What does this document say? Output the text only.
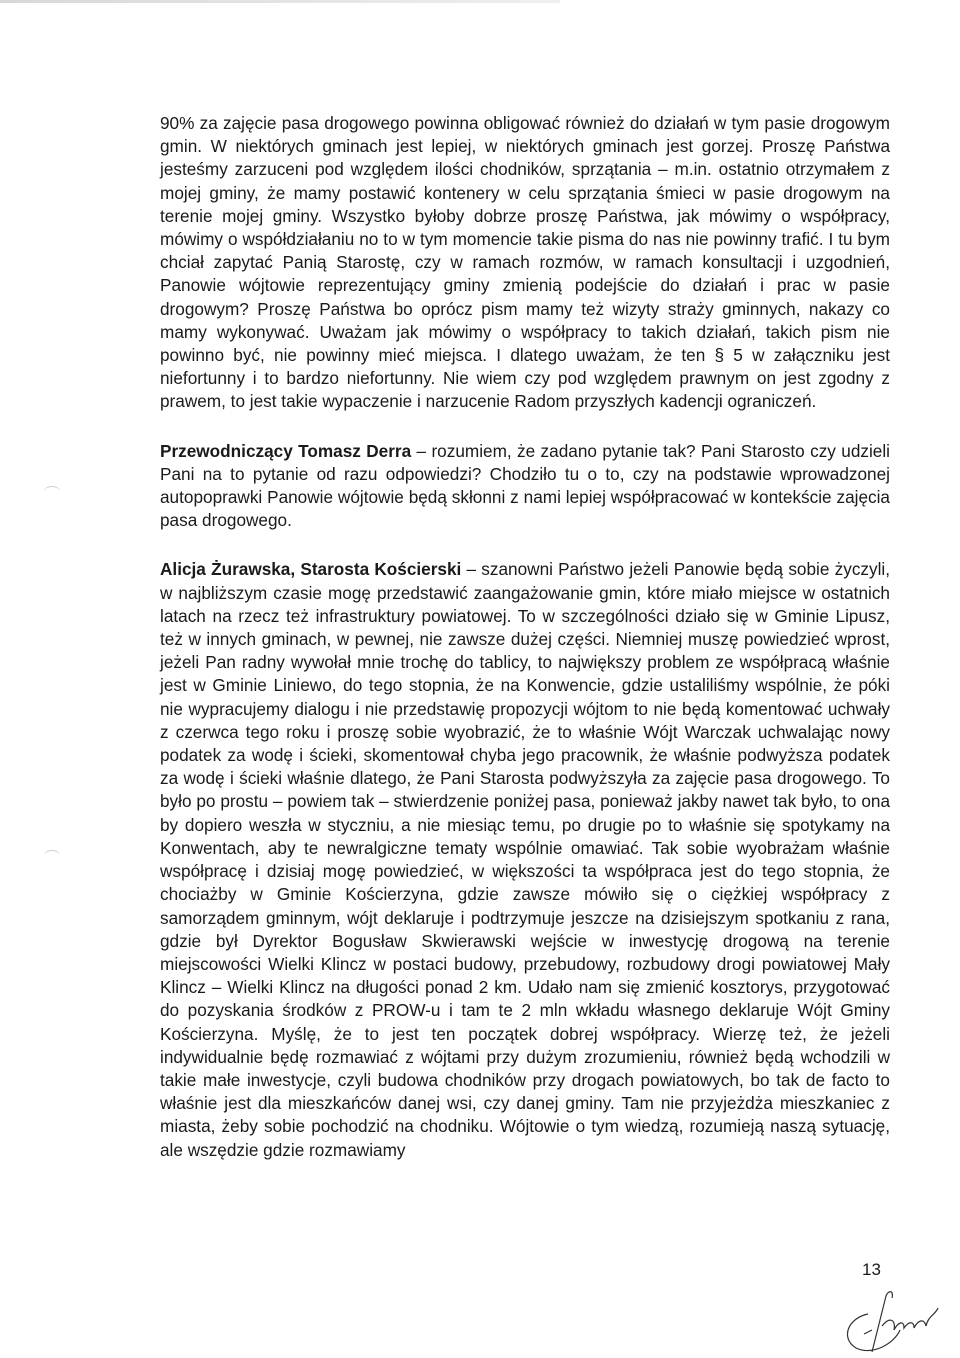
90% za zajęcie pasa drogowego powinna obligować również do działań w tym pasie drogowym gmin. W niektórych gminach jest lepiej, w niektórych gminach jest gorzej. Proszę Państwa jesteśmy zarzuceni pod względem ilości chodników, sprzątania – m.in. ostatnio otrzymałem z mojej gminy, że mamy postawić kontenery w celu sprzątania śmieci w pasie drogowym na terenie mojej gminy. Wszystko byłoby dobrze proszę Państwa, jak mówimy o współpracy, mówimy o współdziałaniu no to w tym momencie takie pisma do nas nie powinny trafić. I tu bym chciał zapytać Panią Starostę, czy w ramach rozmów, w ramach konsultacji i uzgodnień, Panowie wójtowie reprezentujący gminy zmienią podejście do działań i prac w pasie drogowym? Proszę Państwa bo oprócz pism mamy też wizyty straży gminnych, nakazy co mamy wykonywać. Uważam jak mówimy o współpracy to takich działań, takich pism nie powinno być, nie powinny mieć miejsca. I dlatego uważam, że ten § 5 w załączniku jest niefortunny i to bardzo niefortunny. Nie wiem czy pod względem prawnym on jest zgodny z prawem, to jest takie wypaczenie i narzucenie Radom przyszłych kadencji ograniczeń.

Przewodniczący Tomasz Derra – rozumiem, że zadano pytanie tak? Pani Starosto czy udzieli Pani na to pytanie od razu odpowiedzi? Chodziło tu o to, czy na podstawie wprowadzonej autopoprawki Panowie wójtowie będą skłonni z nami lepiej współpracować w kontekście zajęcia pasa drogowego.

Alicja Żurawska, Starosta Kościerski – szanowni Państwo jeżeli Panowie będą sobie życzyli, w najbliższym czasie mogę przedstawić zaangażowanie gmin, które miało miejsce w ostatnich latach na rzecz też infrastruktury powiatowej. To w szczególności działo się w Gminie Lipusz, też w innych gminach, w pewnej, nie zawsze dużej części. Niemniej muszę powiedzieć wprost, jeżeli Pan radny wywołał mnie trochę do tablicy, to największy problem ze współpracą właśnie jest w Gminie Liniewo, do tego stopnia, że na Konwencie, gdzie ustaliliśmy wspólnie, że póki nie wypracujemy dialogu i nie przedstawię propozycji wójtom to nie będą komentować uchwały z czerwca tego roku i proszę sobie wyobrazić, że to właśnie Wójt Warczak uchwalając nowy podatek za wodę i ścieki, skomentował chyba jego pracownik, że właśnie podwyższa podatek za wodę i ścieki właśnie dlatego, że Pani Starosta podwyższyła za zajęcie pasa drogowego. To było po prostu – powiem tak – stwierdzenie poniżej pasa, ponieważ jakby nawet tak było, to ona by dopiero weszła w styczniu, a nie miesiąc temu, po drugie po to właśnie się spotykamy na Konwentach, aby te newralgiczne tematy wspólnie omawiać. Tak sobie wyobrażam właśnie współpracę i dzisiaj mogę powiedzieć, w większości ta współpraca jest do tego stopnia, że chociażby w Gminie Kościerzyna, gdzie zawsze mówiło się o ciężkiej współpracy z samorządem gminnym, wójt deklaruje i podtrzymuje jeszcze na dzisiejszym spotkaniu z rana, gdzie był Dyrektor Bogusław Skwierawski wejście w inwestycję drogową na terenie miejscowości Wielki Klincz w postaci budowy, przebudowy, rozbudowy drogi powiatowej Mały Klincz – Wielki Klincz na długości ponad 2 km. Udało nam się zmienić kosztorys, przygotować do pozyskania środków z PROW-u i tam te 2 mln wkładu własnego deklaruje Wójt Gminy Kościerzyna. Myślę, że to jest ten początek dobrej współpracy. Wierzę też, że jeżeli indywidualnie będę rozmawiać z wójtami przy dużym zrozumieniu, również będą wchodzili w takie małe inwestycje, czyli budowa chodników przy drogach powiatowych, bo tak de facto to właśnie jest dla mieszkańców danej wsi, czy danej gminy. Tam nie przyjeżdża mieszkaniec z miasta, żeby sobie pochodzić na chodniku. Wójtowie o tym wiedzą, rozumieją naszą sytuację, ale wszędzie gdzie rozmawiamy

13
